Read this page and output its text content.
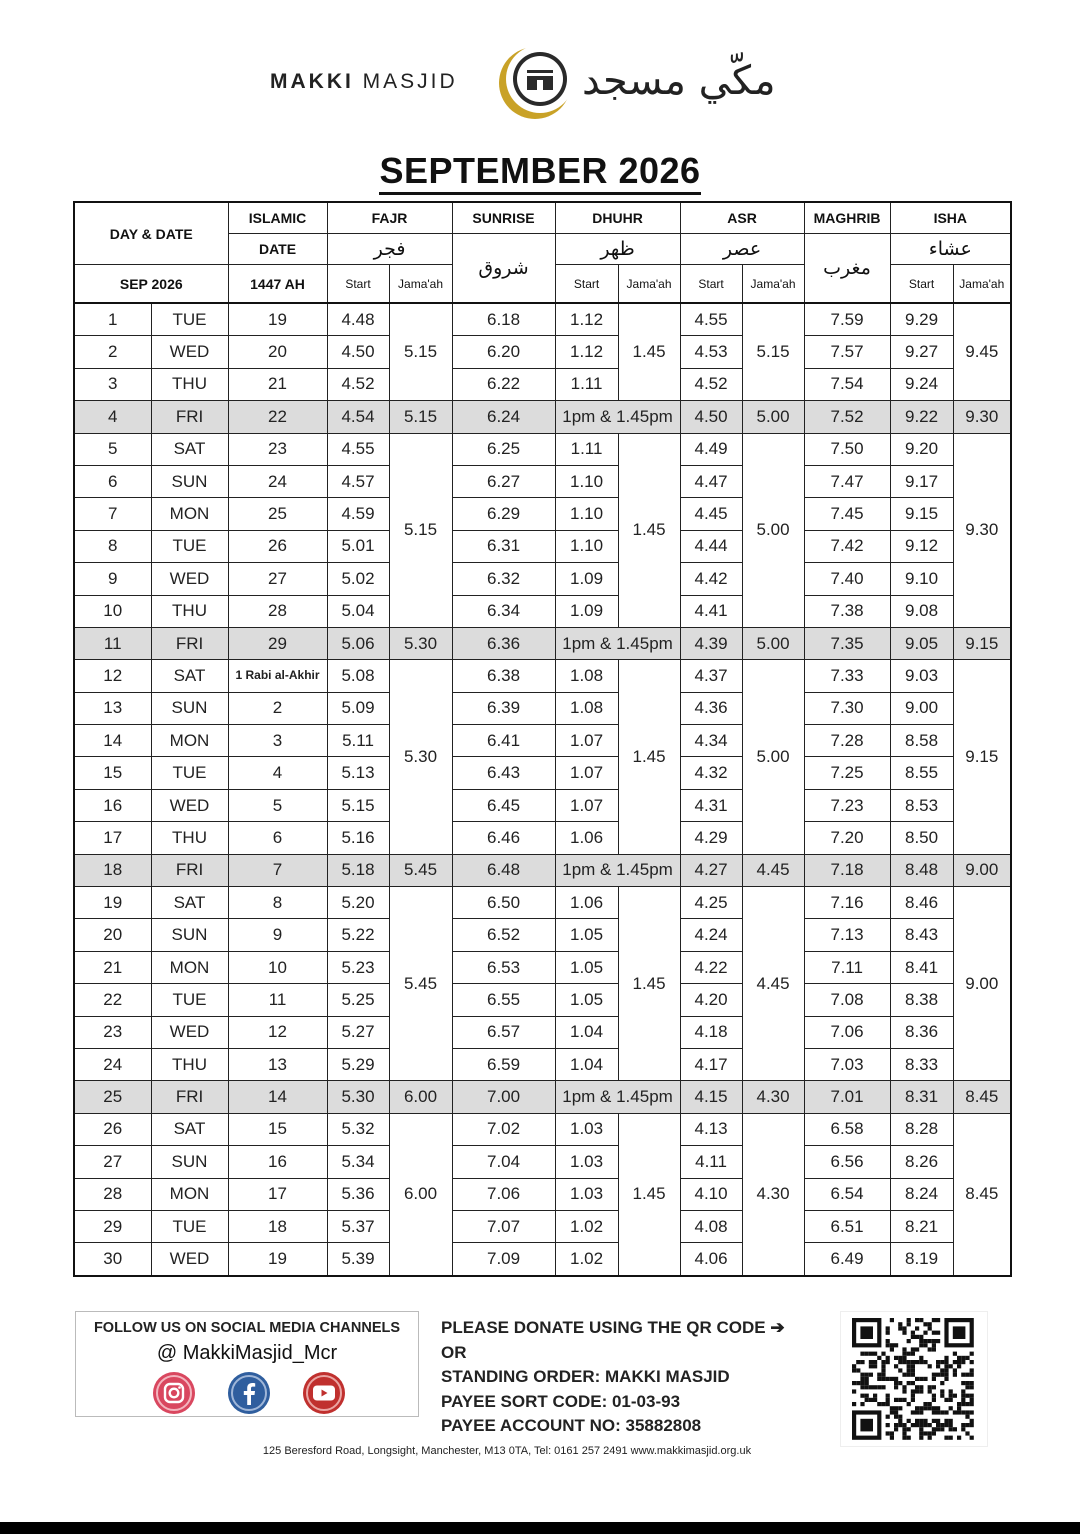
MAKKI MASJID	مكّي مسجد
SEPTEMBER 2026
DAY & DATE		ISLAMIC	FAJR		SUNRISE	DHUHR		ASR		MAGHRIB	ISHA	
		DATE	فجر		شروق	ظهر		عصر		مغرب	عشاء	
SEP 2026		1447 AH	Start	Jama'ah		Start	Jama'ah	Start	Jama'ah		Start	Jama'ah
1	TUE	19	4.48	5.15	6.18	1.12	1.45	4.55	5.15	7.59	9.29	9.45
2	WED	20	4.50		6.20	1.12		4.53		7.57	9.27	
3	THU	21	4.52		6.22	1.11		4.52		7.54	9.24	
4	FRI	22	4.54	5.15	6.24	1pm & 1.45pm		4.50	5.00	7.52	9.22	9.30
5	SAT	23	4.55	5.15	6.25	1.11	1.45	4.49	5.00	7.50	9.20	9.30
6	SUN	24	4.57		6.27	1.10		4.47		7.47	9.17	
7	MON	25	4.59		6.29	1.10		4.45		7.45	9.15	
8	TUE	26	5.01		6.31	1.10		4.44		7.42	9.12	
9	WED	27	5.02		6.32	1.09		4.42		7.40	9.10	
10	THU	28	5.04		6.34	1.09		4.41		7.38	9.08	
11	FRI	29	5.06	5.30	6.36	1pm & 1.45pm		4.39	5.00	7.35	9.05	9.15
12	SAT	1 Rabi al-Akhir	5.08	5.30	6.38	1.08	1.45	4.37	5.00	7.33	9.03	9.15
13	SUN	2	5.09		6.39	1.08		4.36		7.30	9.00	
14	MON	3	5.11		6.41	1.07		4.34		7.28	8.58	
15	TUE	4	5.13		6.43	1.07		4.32		7.25	8.55	
16	WED	5	5.15		6.45	1.07		4.31		7.23	8.53	
17	THU	6	5.16		6.46	1.06		4.29		7.20	8.50	
18	FRI	7	5.18	5.45	6.48	1pm & 1.45pm		4.27	4.45	7.18	8.48	9.00
19	SAT	8	5.20	5.45	6.50	1.06	1.45	4.25	4.45	7.16	8.46	9.00
20	SUN	9	5.22		6.52	1.05		4.24		7.13	8.43	
21	MON	10	5.23		6.53	1.05		4.22		7.11	8.41	
22	TUE	11	5.25		6.55	1.05		4.20		7.08	8.38	
23	WED	12	5.27		6.57	1.04		4.18		7.06	8.36	
24	THU	13	5.29		6.59	1.04		4.17		7.03	8.33	
25	FRI	14	5.30	6.00	7.00	1pm & 1.45pm		4.15	4.30	7.01	8.31	8.45
26	SAT	15	5.32	6.00	7.02	1.03	1.45	4.13	4.30	6.58	8.28	8.45
27	SUN	16	5.34		7.04	1.03		4.11		6.56	8.26	
28	MON	17	5.36		7.06	1.03		4.10		6.54	8.24	
29	TUE	18	5.37		7.07	1.02		4.08		6.51	8.21	
30	WED	19	5.39		7.09	1.02		4.06		6.49	8.19	
FOLLOW US ON SOCIAL MEDIA CHANNELS
@ MakkiMasjid_Mcr
PLEASE DONATE USING THE QR CODE ➔
OR
STANDING ORDER: MAKKI MASJID
PAYEE SORT CODE: 01-03-93
PAYEE ACCOUNT NO: 35882808
125 Beresford Road, Longsight, Manchester, M13 0TA, Tel: 0161 257 2491 www.makkimasjid.org.uk
